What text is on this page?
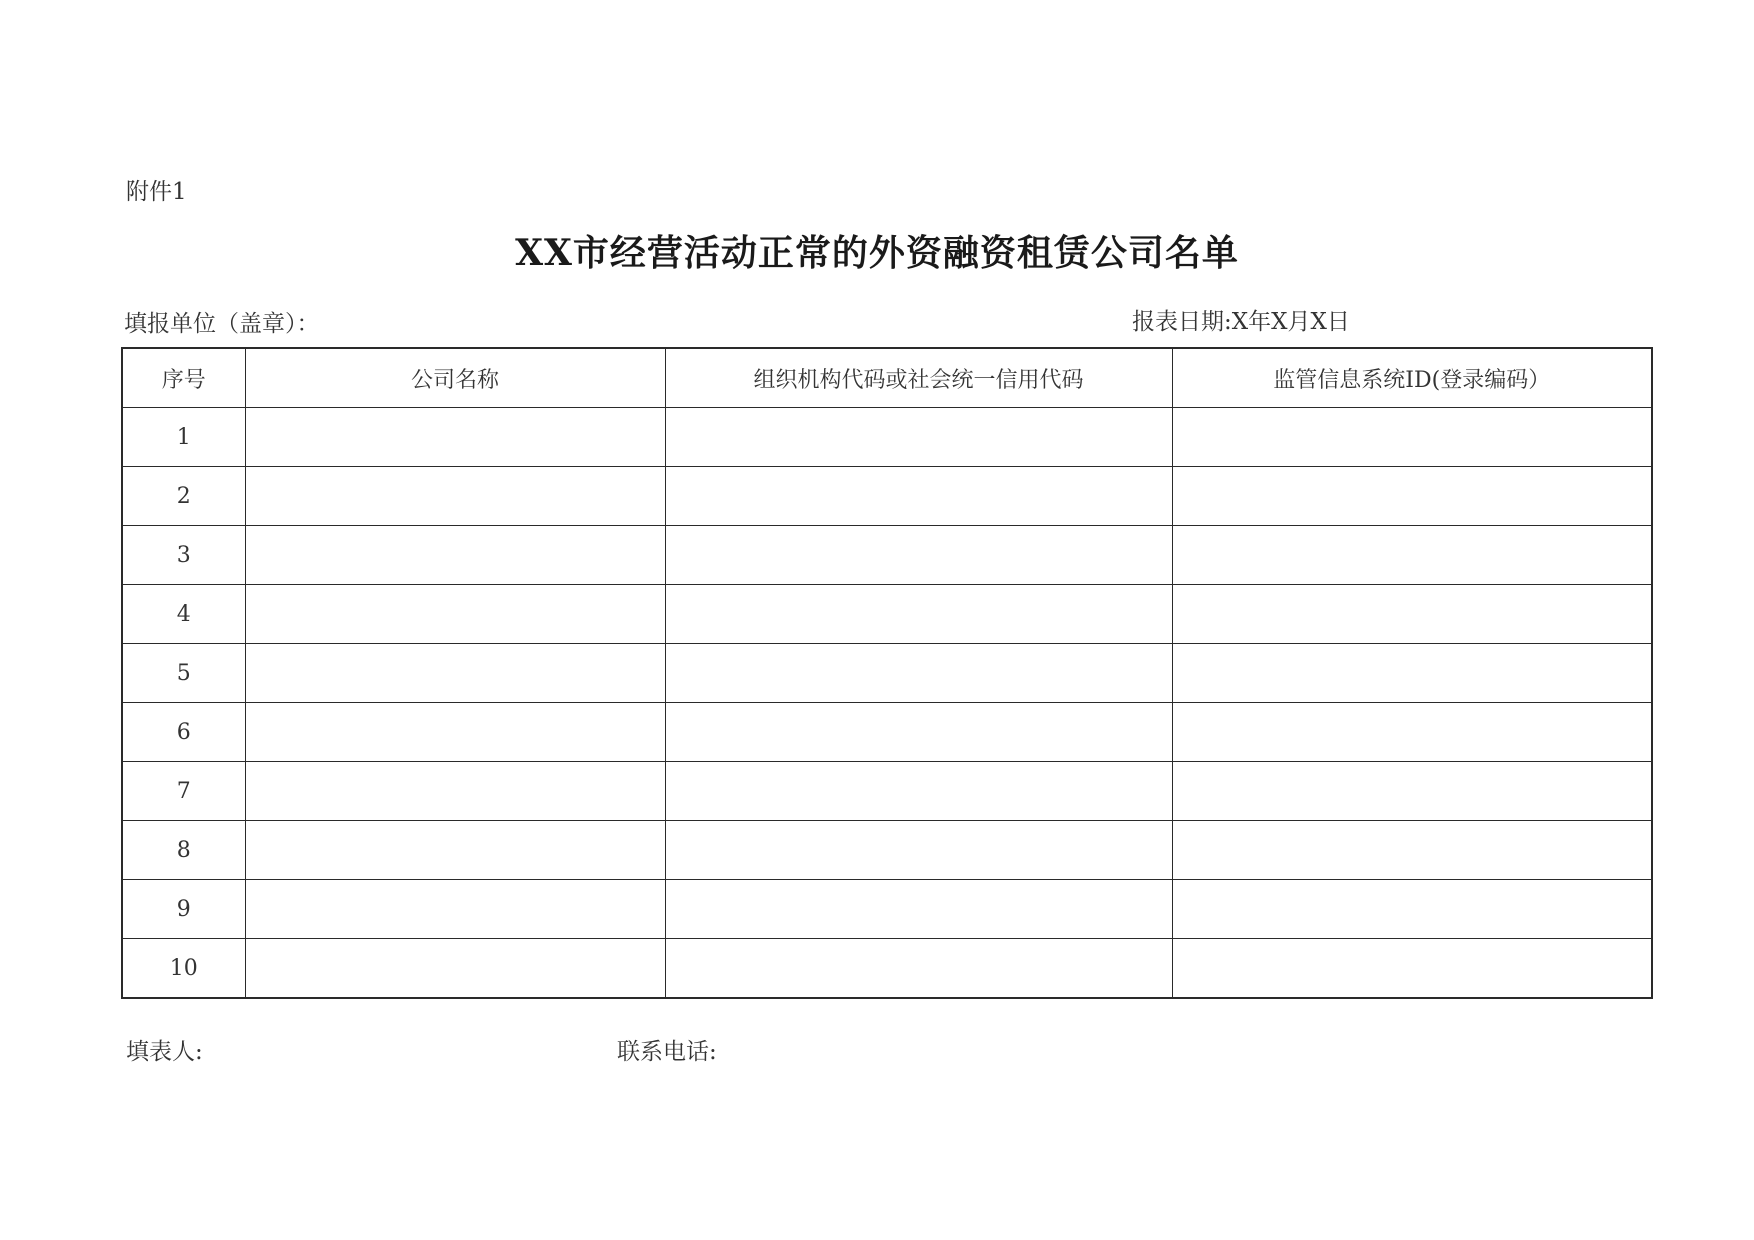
附件1
XX市经营活动正常的外资融资租赁公司名单
填报单位（盖章）：	报表日期:X年X月X日
序号	公司名称	组织机构代码或社会统一信用代码	监管信息系统ID(登录编码）
1			
2			
3			
4			
5			
6			
7			
8			
9			
10			
填表人:	联系电话:
